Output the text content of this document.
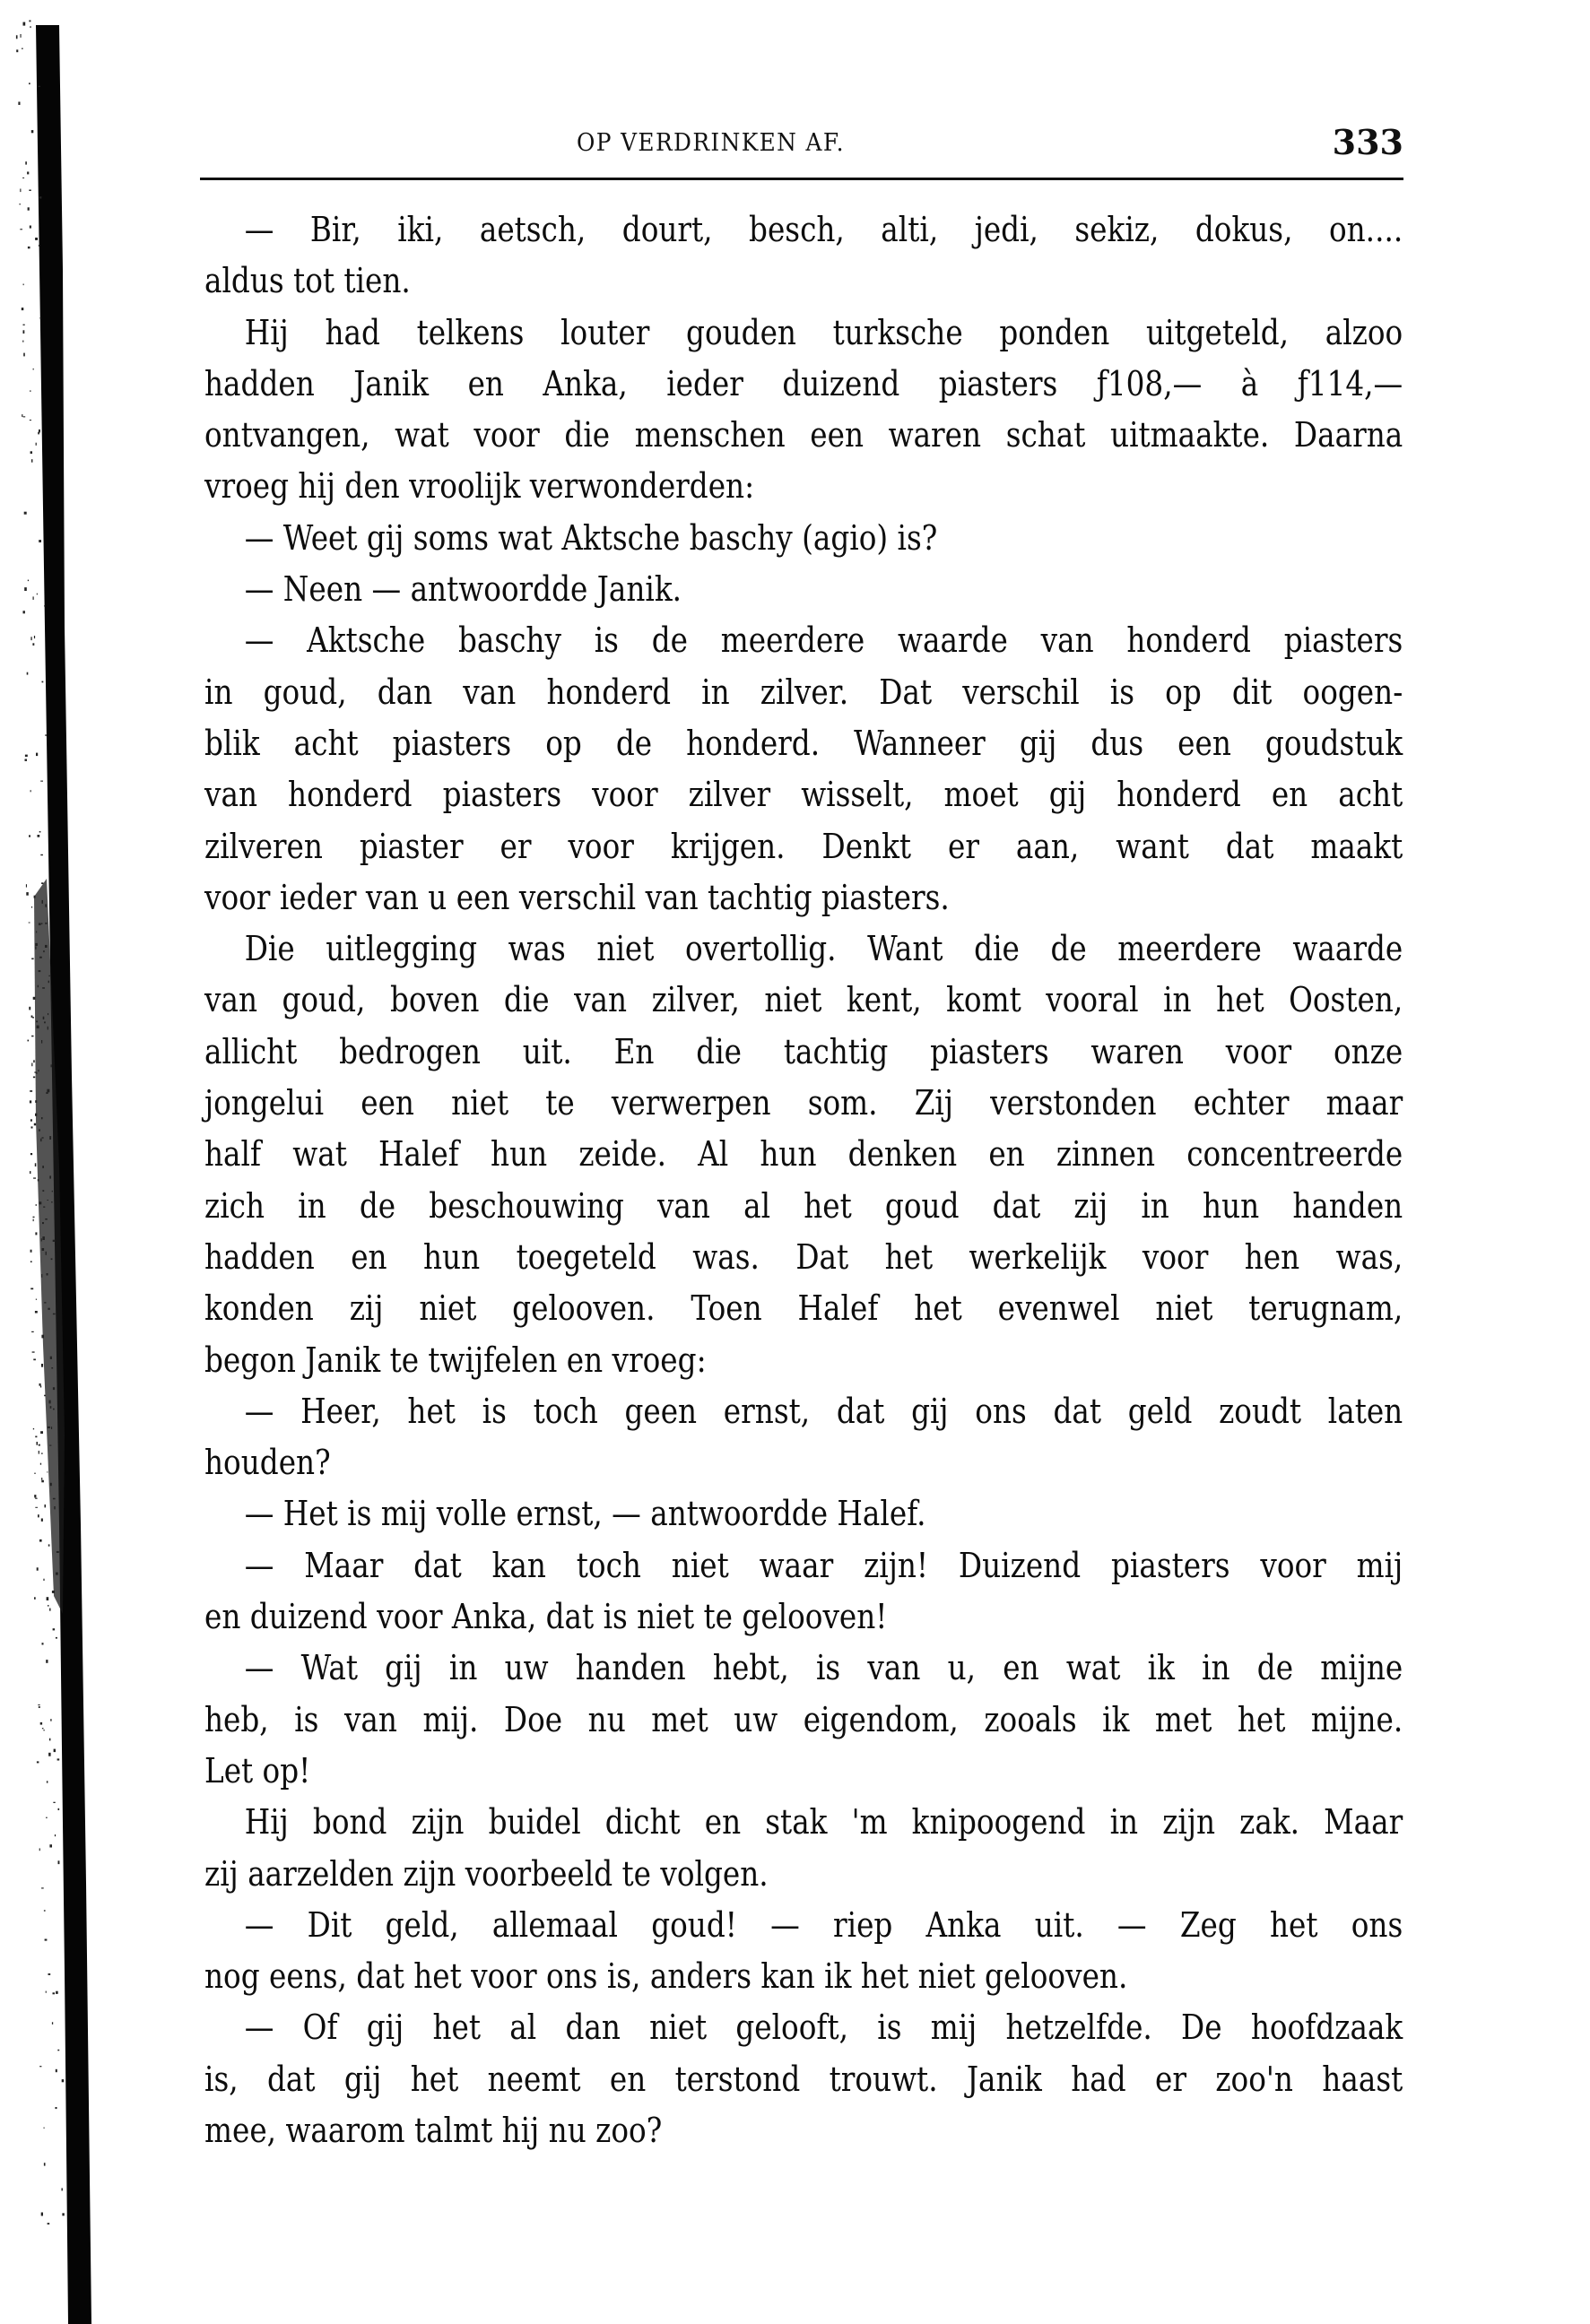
OP VERDRINKEN AF.	333
— Bir, iki, aetsch, dourt, besch, alti, jedi, sekiz, dokus, on....
aldus tot tien.
Hij had telkens louter gouden turksche ponden uitgeteld, alzoo
hadden Janik en Anka, ieder duizend piasters ƒ108,— à ƒ114,—
ontvangen, wat voor die menschen een waren schat uitmaakte. Daarna
vroeg hij den vroolijk verwonderden:
— Weet gij soms wat Aktsche baschy (agio) is?
— Neen — antwoordde Janik.
— Aktsche baschy is de meerdere waarde van honderd piasters
in goud, dan van honderd in zilver. Dat verschil is op dit oogen-
blik acht piasters op de honderd. Wanneer gij dus een goudstuk
van honderd piasters voor zilver wisselt, moet gij honderd en acht
zilveren piaster er voor krijgen. Denkt er aan, want dat maakt
voor ieder van u een verschil van tachtig piasters.
Die uitlegging was niet overtollig. Want die de meerdere waarde
van goud, boven die van zilver, niet kent, komt vooral in het Oosten,
allicht bedrogen uit. En die tachtig piasters waren voor onze
jongelui een niet te verwerpen som. Zij verstonden echter maar
half wat Halef hun zeide. Al hun denken en zinnen concentreerde
zich in de beschouwing van al het goud dat zij in hun handen
hadden en hun toegeteld was. Dat het werkelijk voor hen was,
konden zij niet gelooven. Toen Halef het evenwel niet terugnam,
begon Janik te twijfelen en vroeg:
— Heer, het is toch geen ernst, dat gij ons dat geld zoudt laten
houden?
— Het is mij volle ernst, — antwoordde Halef.
— Maar dat kan toch niet waar zijn! Duizend piasters voor mij
en duizend voor Anka, dat is niet te gelooven!
— Wat gij in uw handen hebt, is van u, en wat ik in de mijne
heb, is van mij. Doe nu met uw eigendom, zooals ik met het mijne.
Let op!
Hij bond zijn buidel dicht en stak 'm knipoogend in zijn zak. Maar
zij aarzelden zijn voorbeeld te volgen.
— Dit geld, allemaal goud! — riep Anka uit. — Zeg het ons
nog eens, dat het voor ons is, anders kan ik het niet gelooven.
— Of gij het al dan niet gelooft, is mij hetzelfde. De hoofdzaak
is, dat gij het neemt en terstond trouwt. Janik had er zoo'n haast
mee, waarom talmt hij nu zoo?
